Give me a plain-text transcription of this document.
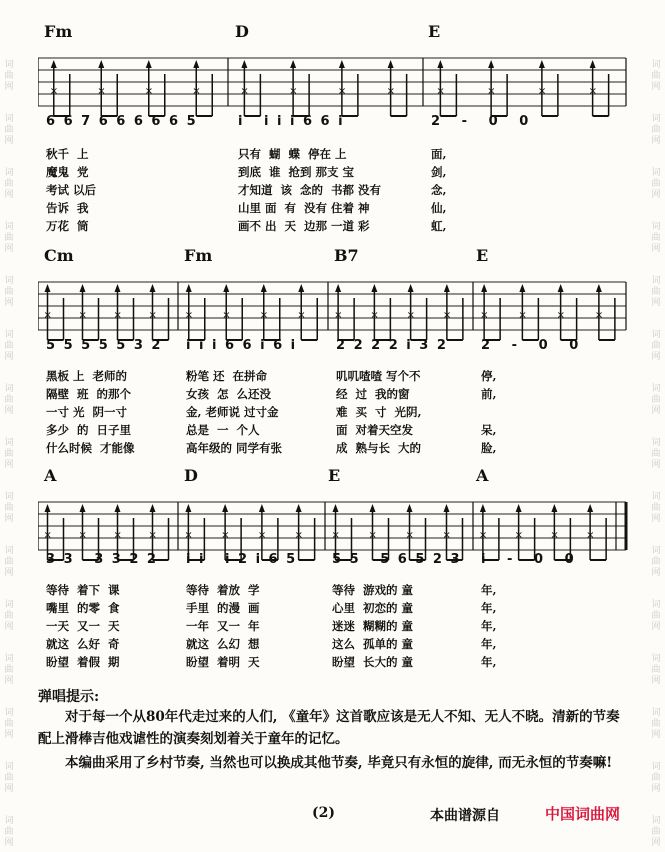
词
曲
网
词
曲
网
词
曲
网
词
曲
网
词
曲
网
词
曲
网
词
曲
网
词
曲
网
词
曲
网
词
曲
网
词
曲
网
词
曲
网
词
曲
网
词
曲
网
词
曲
网
词
曲
网
词
曲
网
词
曲
网
词
曲
网
词
曲
网
词
曲
网
词
曲
网
词
曲
网
词
曲
网
词
曲
网
词
曲
网
词
曲
网
词
曲
网
词
曲
网
词
曲
网
Fm	D	E
×	×	×	×	×	×	×	×	×	×	×	×
6 6 7 6 6 6 6 6 5	i   i i i 6 6 i	2   -   0   0
秋千  上	只有  蝴  蝶  停在 上	面,
魔鬼  党	到底  谁  抢到 那支 宝	剑,
考试 以后	才知道  该  念的  书都 没有	念,
告诉  我	山里 面  有  没有 住着 神	仙,
万花  筒	画不 出  天  边那 一道 彩	虹,
Cm	Fm	B7	E
×	×	×	×	×	×	×	×	×	×	×	×	×	×	×	×
5 5 5 5 5 3 2 i i i 6 6 i 6 i	2 2 2 2 i 3 2	2   -   0   0
黑板 上  老师的	粉笔 还  在拼命	叽叽喳喳 写个不	停,
隔壁  班  的那个	女孩  怎  么还没	经  过  我的窗	前,
一寸 光  阴一寸	金, 老师说 过寸金	难  买  寸  光阴,
多少  的  日子里	总是  一  个人	面  对着天空发	呆,
什么时候  才能像	高年级的 同学有张	成  熟与长  大的	脸,
A	D	E	A
×	×	×	×	×	×	×	×	×	×	×	×	×	×	×	×
3 3   3 3 2 2 i i   i 2 i 6 5	5 5   5 6 5 2 3 i   -   0   0
等待  着下  课	等待  着放  学	等待  游戏的 童	年,
嘴里  的零  食	手里  的漫  画	心里  初恋的 童	年,
一天  又一  天	一年  又一  年	迷迷  糊糊的 童	年,
就这  么好  奇	就这  么幻  想	这么  孤单的 童	年,
盼望  着假  期	盼望  着明  天	盼望  长大的 童	年,
弹唱提示:
对于每一个从80年代走过来的人们, 《童年》这首歌应该是无人不知、无人不晓。清新的节奏配上滑棒吉他戏谑性的演奏刻划着关于童年的记忆。
本编曲采用了乡村节奏, 当然也可以换成其他节奏, 毕竟只有永恒的旋律, 而无永恒的节奏嘛!
(2)	本曲谱源自	中国词曲网
